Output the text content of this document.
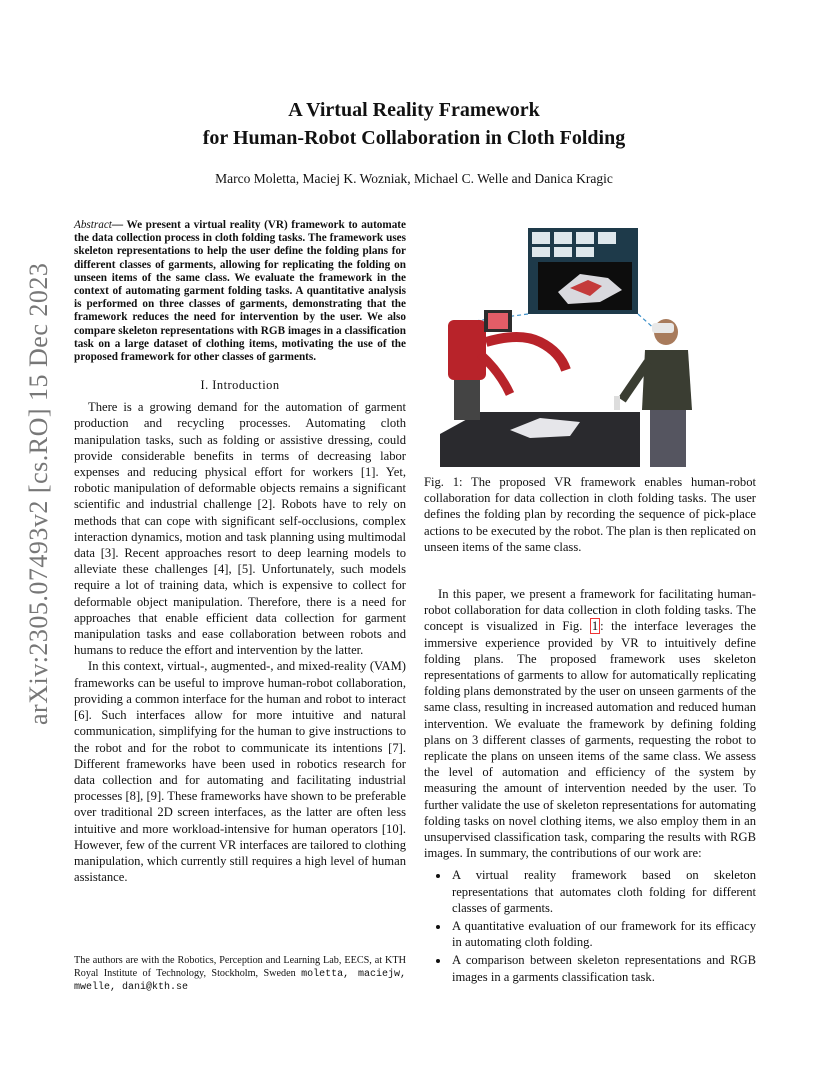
arXiv:2305.07493v2 [cs.RO] 15 Dec 2023
A Virtual Reality Framework
for Human-Robot Collaboration in Cloth Folding
Marco Moletta, Maciej K. Wozniak, Michael C. Welle and Danica Kragic
Abstract— We present a virtual reality (VR) framework to automate the data collection process in cloth folding tasks. The framework uses skeleton representations to help the user define the folding plans for different classes of garments, allowing for replicating the folding on unseen items of the same class. We evaluate the framework in the context of automating garment folding tasks. A quantitative analysis is performed on three classes of garments, demonstrating that the framework reduces the need for intervention by the user. We also compare skeleton representations with RGB images in a classification task on a large dataset of clothing items, motivating the use of the proposed framework for other classes of garments.
I. Introduction

There is a growing demand for the automation of garment production and recycling processes. Automating cloth manipulation tasks, such as folding or assistive dressing, could provide considerable benefits in terms of decreasing labor expenses and reducing physical effort for workers [1]. Yet, robotic manipulation of deformable objects remains a significant scientific and industrial challenge [2]. Robots have to rely on methods that can cope with significant self-occlusions, complex interaction dynamics, motion and task planning using multimodal data [3]. Recent approaches resort to deep learning models to alleviate these challenges [4], [5]. Unfortunately, such models require a lot of training data, which is expensive to collect for deformable object manipulation. Therefore, there is a need for approaches that enable efficient data collection for garment manipulation tasks and ease collaboration between robots and humans to reduce the effort and intervention by the latter.

In this context, virtual-, augmented-, and mixed-reality (VAM) frameworks can be useful to improve human-robot collaboration, providing a common interface for the human and robot to interact [6]. Such interfaces allow for more intuitive and natural communication, simplifying for the human to give instructions to the robot and for the robot to communicate its intentions [7]. Different frameworks have been used in robotics research for data collection and for automating and facilitating industrial processes [8], [9]. These frameworks have shown to be preferable over traditional 2D screen interfaces, as the latter are often less intuitive and more workload-intensive for human operators [10]. However, few of the current VR interfaces are tailored to clothing manipulation, which currently still requires a high level of human assistance.

The authors are with the Robotics, Perception and Learning Lab, EECS, at KTH Royal Institute of Technology, Stockholm, Sweden moletta, maciejw, mwelle, dani@kth.se
Fig. 1: The proposed VR framework enables human-robot collaboration for data collection in cloth folding tasks. The user defines the folding plan by recording the sequence of pick-place actions to be executed by the robot. The plan is then replicated on unseen items of the same class.

In this paper, we present a framework for facilitating human-robot collaboration for data collection in cloth folding tasks. The concept is visualized in Fig. 1 : the interface leverages the immersive experience provided by VR to intuitively define folding plans. The proposed framework uses skeleton representations of garments to allow for automatically replicating folding plans demonstrated by the user on unseen garments of the same class, resulting in increased automation and reduced human intervention. We evaluate the framework by defining folding plans on 3 different classes of garments, requesting the robot to replicate the plans on unseen items of the same class. We assess the level of automation and efficiency of the system by measuring the amount of intervention needed by the user. To further validate the use of skeleton representations for automating folding tasks on novel clothing items, we also employ them in an unsupervised classification task, comparing the results with RGB images. In summary, the contributions of our work are:

• A virtual reality framework based on skeleton representations that automates cloth folding for different classes of garments.
• A quantitative evaluation of our framework for its efficacy in automating cloth folding.
• A comparison between skeleton representations and RGB images in a garments classification task.
